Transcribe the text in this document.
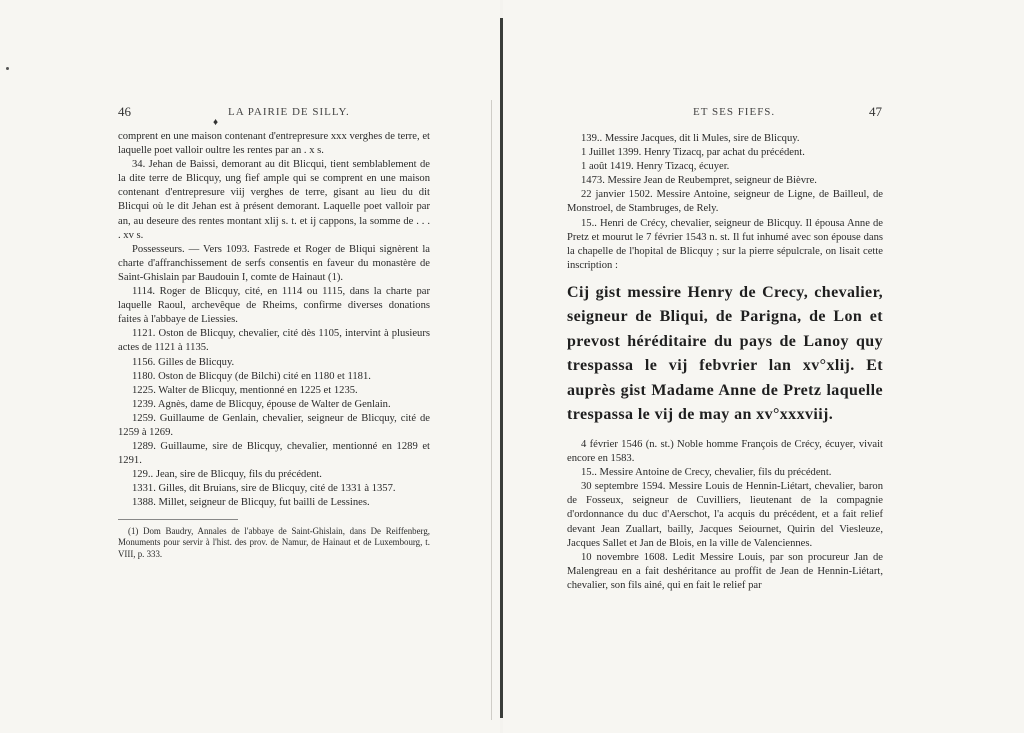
46	LA PAIRIE DE SILLY.
♦

comprent en une maison contenant d'entrepresure xxx verghes de terre, et laquelle poet valloir oultre les rentes par an . x s.

34. Jehan de Baissi, demorant au dit Blicqui, tient semblablement de la dite terre de Blicquy, ung fief ample qui se comprent en une maison contenant d'entrepresure viij verghes de terre, gisant au lieu du dit Blicqui où le dit Jehan est à présent demorant. Laquelle poet valloir par an, au deseure des rentes montant xlij s. t. et ij cappons, la somme de . . . . xv s.

Possesseurs. — Vers 1093. Fastrede et Roger de Bliqui signèrent la charte d'affranchissement de serfs consentis en faveur du monastère de Saint-Ghislain par Baudouin I, comte de Hainaut (1).

1114. Roger de Blicquy, cité, en 1114 ou 1115, dans la charte par laquelle Raoul, archevêque de Rheims, confirme diverses donations faites à l'abbaye de Liessies.

1121. Oston de Blicquy, chevalier, cité dès 1105, intervint à plusieurs actes de 1121 à 1135.

1156. Gilles de Blicquy.

1180. Oston de Blicquy (de Bilchi) cité en 1180 et 1181.

1225. Walter de Blicquy, mentionné en 1225 et 1235.

1239. Agnès, dame de Blicquy, épouse de Walter de Genlain.

1259. Guillaume de Genlain, chevalier, seigneur de Blicquy, cité de 1259 à 1269.

1289. Guillaume, sire de Blicquy, chevalier, mentionné en 1289 et 1291.

129.. Jean, sire de Blicquy, fils du précédent.

1331. Gilles, dit Bruians, sire de Blicquy, cité de 1331 à 1357.

1388. Millet, seigneur de Blicquy, fut bailli de Lessines.

(1) Dom Baudry, Annales de l'abbaye de Saint-Ghislain, dans De Reiffenberg, Monuments pour servir à l'hist. des prov. de Namur, de Hainaut et de Luxembourg, t. VIII, p. 333.

ET SES FIEFS.	47

139.. Messire Jacques, dit li Mules, sire de Blicquy.

1 Juillet 1399. Henry Tizacq, par achat du précédent.

1 août 1419. Henry Tizacq, écuyer.

1473. Messire Jean de Reubempret, seigneur de Bièvre.

22 janvier 1502. Messire Antoine, seigneur de Ligne, de Bailleul, de Monstroel, de Stambruges, de Rely.

15.. Henri de Crécy, chevalier, seigneur de Blicquy. Il épousa Anne de Pretz et mourut le 7 février 1543 n. st. Il fut inhumé avec son épouse dans la chapelle de l'hopital de Blicquy ; sur la pierre sépulcrale, on lisait cette inscription :

Cij gist messire Henry de Crecy, chevalier, seigneur de Bliqui, de Parigna, de Lon et prevost héréditaire du pays de Lanoy quy trespassa le vij febvrier lan xv°xlij. Et auprès gist Madame Anne de Pretz laquelle trespassa le vij de may an xv°xxxviij.

4 février 1546 (n. st.) Noble homme François de Crécy, écuyer, vivait encore en 1583.

15.. Messire Antoine de Crecy, chevalier, fils du précédent.

30 septembre 1594. Messire Louis de Hennin-Liétart, chevalier, baron de Fosseux, seigneur de Cuvilliers, lieutenant de la compagnie d'ordonnance du duc d'Aerschot, l'a acquis du précédent, et a fait relief devant Jean Zuallart, bailly, Jacques Seiournet, Quirin del Viesleuze, Jacques Sallet et Jan de Blois, en la ville de Valenciennes.

10 novembre 1608. Ledit Messire Louis, par son procureur Jan de Malengreau en a fait deshéritance au proffit de Jean de Hennin-Liétart, chevalier, son fils ainé, qui en fait le relief par
